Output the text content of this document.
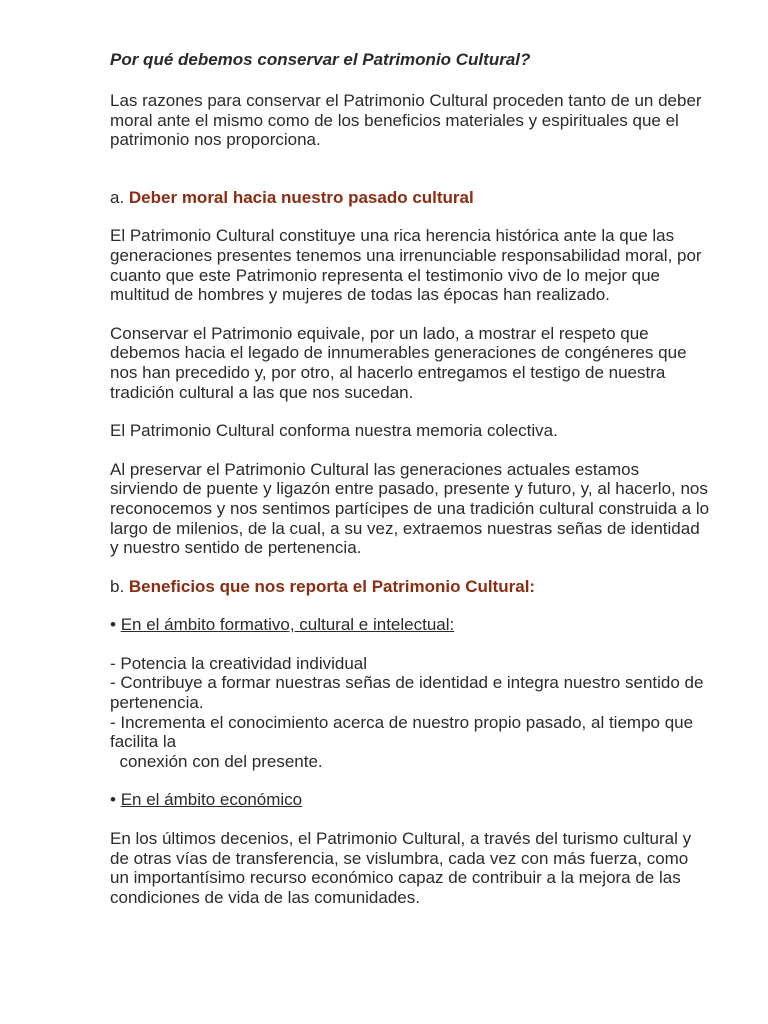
Por qué debemos conservar el Patrimonio Cultural?

Las razones para conservar el Patrimonio Cultural proceden tanto de un deber moral ante el mismo como de los beneficios materiales y espirituales que el patrimonio nos proporciona.

a. Deber moral hacia nuestro pasado cultural

El Patrimonio Cultural constituye una rica herencia histórica ante la que las generaciones presentes tenemos una irrenunciable responsabilidad moral, por cuanto que este Patrimonio representa el testimonio vivo de lo mejor que multitud de hombres y mujeres de todas las épocas han realizado.

Conservar el Patrimonio equivale, por un lado, a mostrar el respeto que debemos hacia el legado de innumerables generaciones de congéneres que nos han precedido y, por otro, al hacerlo entregamos el testigo de nuestra tradición cultural a las que nos sucedan.

El Patrimonio Cultural conforma nuestra memoria colectiva.

Al preservar el Patrimonio Cultural las generaciones actuales estamos sirviendo de puente y ligazón entre pasado, presente y futuro, y, al hacerlo, nos reconocemos y nos sentimos partícipes de una tradición cultural construida a lo largo de milenios, de la cual, a su vez, extraemos nuestras señas de identidad y nuestro sentido de pertenencia.

b. Beneficios que nos reporta el Patrimonio Cultural:

• En el ámbito formativo, cultural e intelectual:

- Potencia la creatividad individual
- Contribuye a formar nuestras señas de identidad e integra nuestro sentido de pertenencia.
- Incrementa el conocimiento acerca de nuestro propio pasado, al tiempo que facilita la
conexión con del presente.

• En el ámbito económico

En los últimos decenios, el Patrimonio Cultural, a través del turismo cultural y de otras vías de transferencia, se vislumbra, cada vez con más fuerza, como un importantísimo recurso económico capaz de contribuir a la mejora de las condiciones de vida de las comunidades.
